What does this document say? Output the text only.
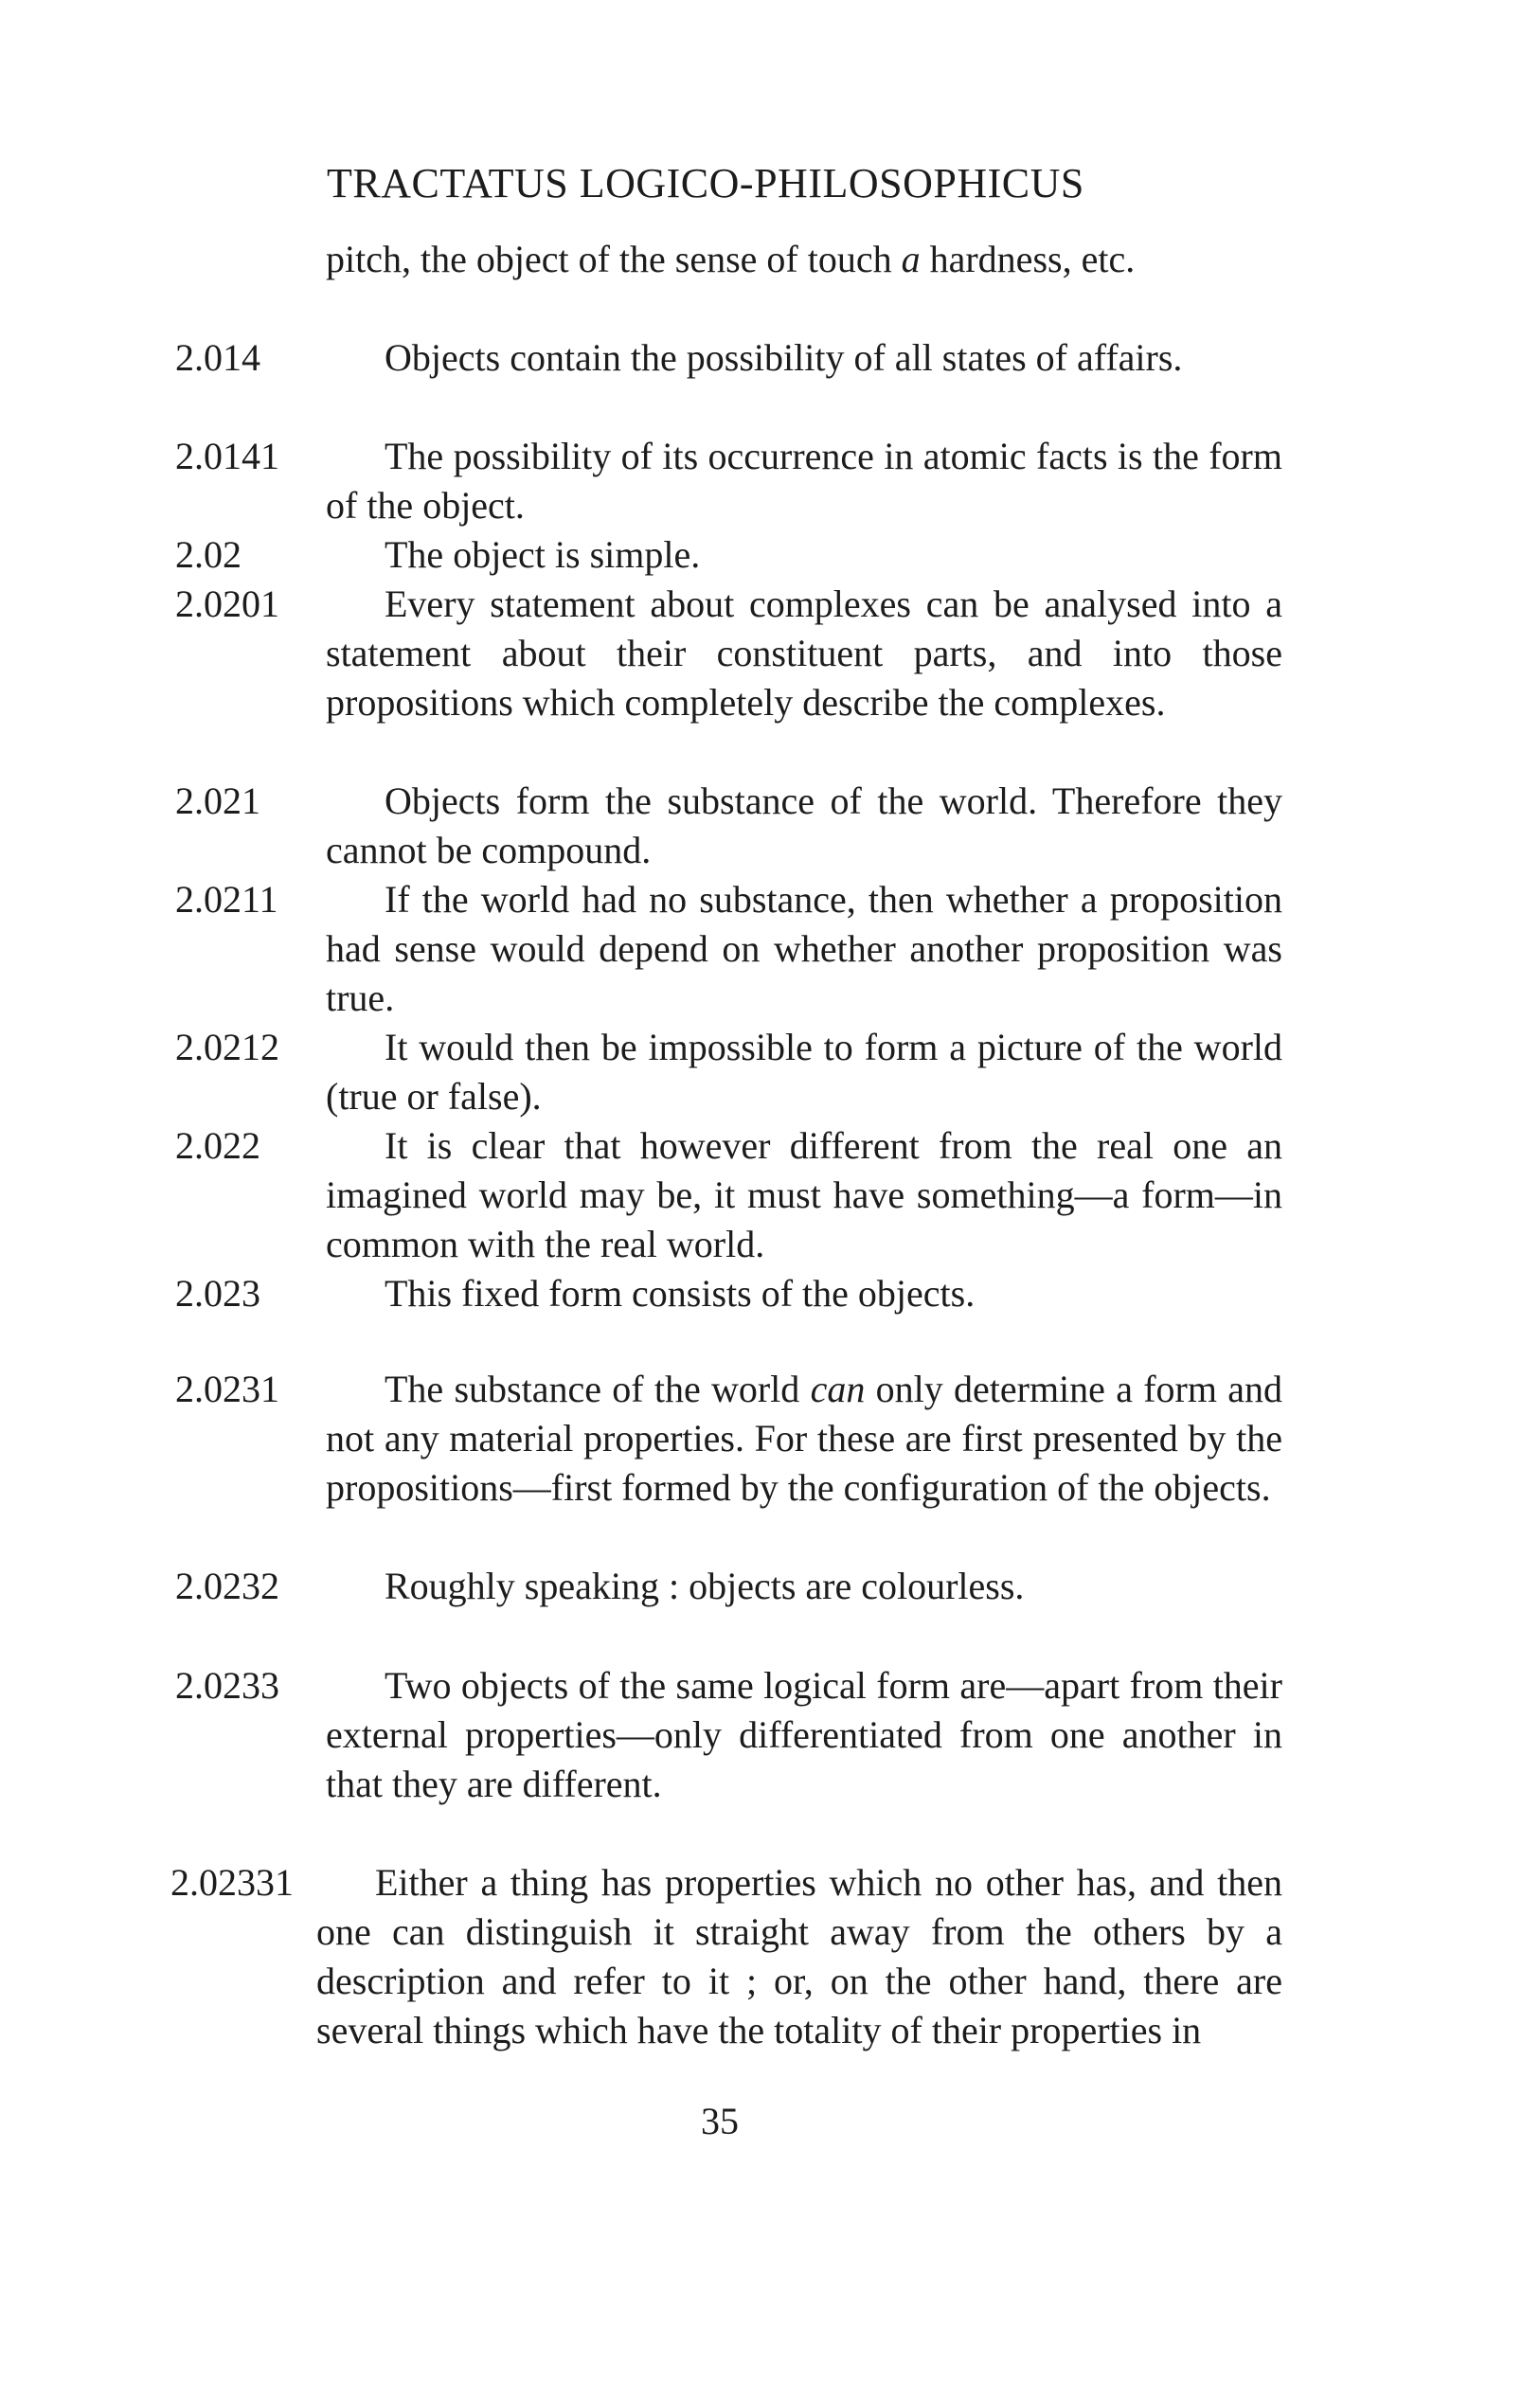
TRACTATUS LOGICO-PHILOSOPHICUS
pitch, the object of the sense of touch a hardness, etc.
2.014	Objects contain the possibility of all states of affairs.
2.0141	The possibility of its occurrence in atomic facts is the form of the object.
2.02	The object is simple.
2.0201	Every statement about complexes can be analysed into a statement about their constituent parts, and into those propositions which completely describe the complexes.
2.021	Objects form the substance of the world. Therefore they cannot be compound.
2.0211	If the world had no substance, then whether a proposition had sense would depend on whether another proposition was true.
2.0212	It would then be impossible to form a picture of the world (true or false).
2.022	It is clear that however different from the real one an imagined world may be, it must have something—a form—in common with the real world.
2.023	This fixed form consists of the objects.
2.0231	The substance of the world can only determine a form and not any material properties. For these are first presented by the propositions—first formed by the configuration of the objects.
2.0232	Roughly speaking : objects are colourless.
2.0233	Two objects of the same logical form are—apart from their external properties—only differentiated from one another in that they are different.
2.02331	Either a thing has properties which no other has, and then one can distinguish it straight away from the others by a description and refer to it ; or, on the other hand, there are several things which have the totality of their properties in
35
